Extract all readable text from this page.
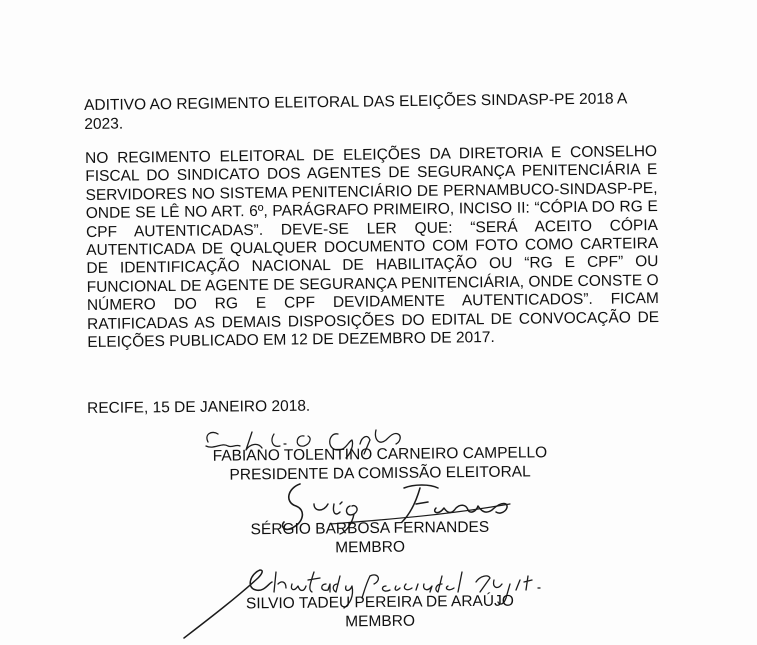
ADITIVO AO REGIMENTO ELEITORAL DAS ELEIÇÕES SINDASP-PE 2018 A 2023.

NO REGIMENTO ELEITORAL DE ELEIÇÕES DA DIRETORIA E CONSELHO FISCAL DO SINDICATO DOS AGENTES DE SEGURANÇA PENITENCIÁRIA E SERVIDORES NO SISTEMA PENITENCIÁRIO DE PERNAMBUCO-SINDASP-PE, ONDE SE LÊ NO ART. 6º, PARÁGRAFO PRIMEIRO, INCISO II: “CÓPIA DO RG E CPF AUTENTICADAS”. DEVE-SE LER QUE: “SERÁ ACEITO CÓPIA AUTENTICADA DE QUALQUER DOCUMENTO COM FOTO COMO CARTEIRA DE IDENTIFICAÇÃO NACIONAL DE HABILITAÇÃO OU “RG E CPF” OU FUNCIONAL DE AGENTE DE SEGURANÇA PENITENCIÁRIA, ONDE CONSTE O NÚMERO DO RG E CPF DEVIDAMENTE AUTENTICADOS”. FICAM RATIFICADAS AS DEMAIS DISPOSIÇÕES DO EDITAL DE CONVOCAÇÃO DE ELEIÇÕES PUBLICADO EM 12 DE DEZEMBRO DE 2017.

RECIFE, 15 DE JANEIRO 2018.

FABIANO TOLENTINO CARNEIRO CAMPELLO

PRESIDENTE DA COMISSÃO ELEITORAL

SÉRGIO BARBOSA FERNANDES

MEMBRO

SILVIO TADEU PEREIRA DE ARAÚJO

MEMBRO
